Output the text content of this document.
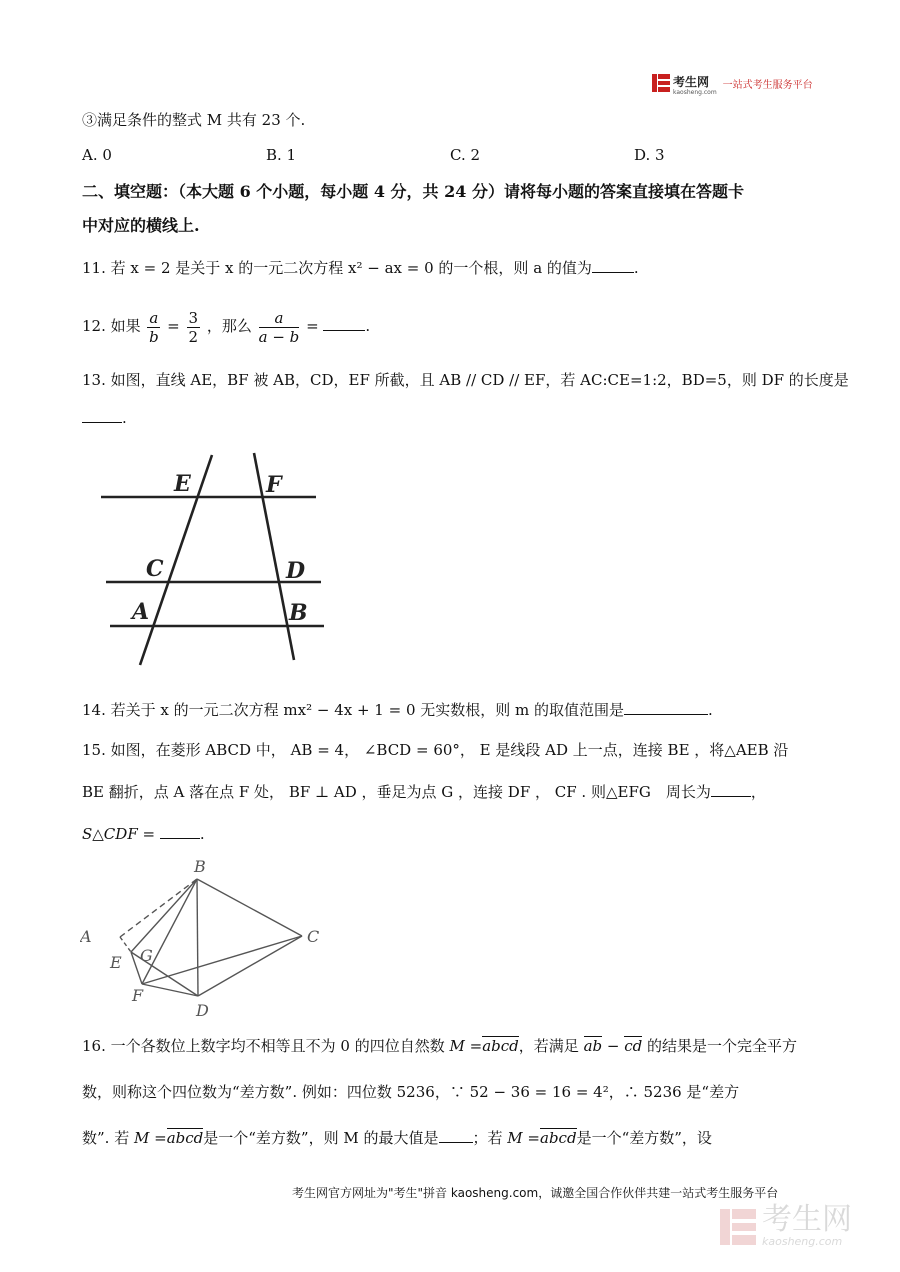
考生网
kaosheng.com
一站式考生服务平台
③满足条件的整式 M 共有 23 个.
A. 0	B. 1	C. 2	D. 3
二、填空题：（本大题 6 个小题，每小题 4 分，共 24 分）请将每小题的答案直接填在答题卡
中对应的横线上.
11. 若 x = 2 是关于 x 的一元二次方程 x² − ax = 0 的一个根，则 a 的值为	.
12. 如果 $\frac{a}{b} = \frac{3}{2}$ ，那么 $\frac{a}{a - b}$ =	.
13. 如图，直线 AE，BF 被 AB，CD，EF 所截，且 AB // CD // EF，若 AC:CE=1:2，BD=5，则 DF 的长度是
.
E	F
C	D
A	B
14. 若关于 x 的一元二次方程 mx² − 4x + 1 = 0 无实数根，则 m 的取值范围是	.
15. 如图，在菱形 ABCD 中， AB = 4， ∠BCD = 60°， E 是线段 AD 上一点，连接 BE ，将△AEB 沿
BE 翻折，点 A 落在点 F 处， BF ⊥ AD ，垂足为点 G ，连接 DF ， CF . 则△EFG　周长为	，
S△CDF =	.
B
A	C
E G
F
D
16. 一个各数位上数字均不相等且不为 0 的四位自然数 M =abcd，若满足 ab − cd 的结果是一个完全平方
数，则称这个四位数为“差方数”. 例如：四位数 5236，∵ 52 − 36 = 16 = 4²，∴ 5236 是“差方
数”. 若 M =abcd是一个“差方数”，则 M 的最大值是 ；若 M =abcd是一个“差方数”，设
考生网官方网址为"考生"拼音 kaosheng.com，诚邀全国合作伙伴共建一站式考生服务平台
考生网
kaosheng.com
